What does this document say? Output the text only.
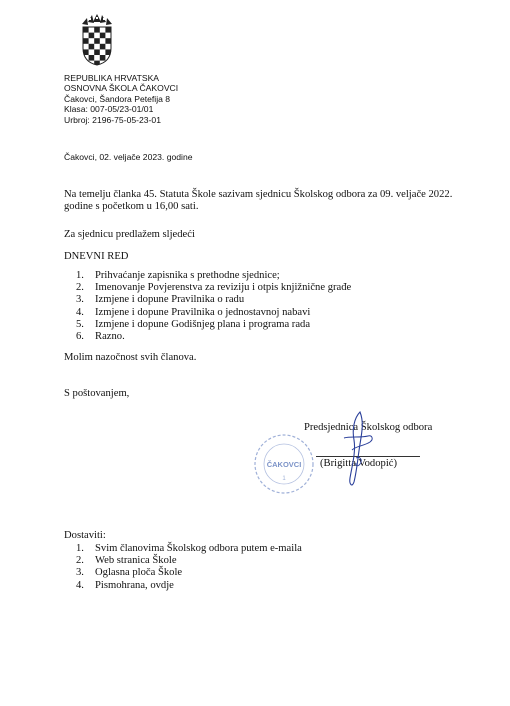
REPUBLIKA HRVATSKA
OSNOVNA ŠKOLA ČAKOVCI
Čakovci, Šandora Petefija 8
Klasa: 007-05/23-01/01
Urbroj: 2196-75-05-23-01
Čakovci, 02. veljače 2023. godine
Na temelju članka 45. Statuta Škole sazivam sjednicu Školskog odbora za 09. veljače 2022. godine s početkom u 16,00 sati.
Za sjednicu predlažem sljedeći
DNEVNI RED
1. Prihvaćanje zapisnika s prethodne sjednice;
2. Imenovanje Povjerenstva za reviziju i otpis knjižnične građe
3. Izmjene i dopune Pravilnika o radu
4. Izmjene i dopune Pravilnika o jednostavnoj nabavi
5. Izmjene i dopune Godišnjeg plana i programa rada
6. Razno.
Molim nazočnost svih članova.
S poštovanjem,
ČAKOVCI
1
Predsjednica Školskog odbora
(Brigitta Vodopić)
Dostaviti:
1. Svim članovima Školskog odbora putem e-maila
2. Web stranica Škole
3. Oglasna ploča Škole
4. Pismohrana, ovdje
